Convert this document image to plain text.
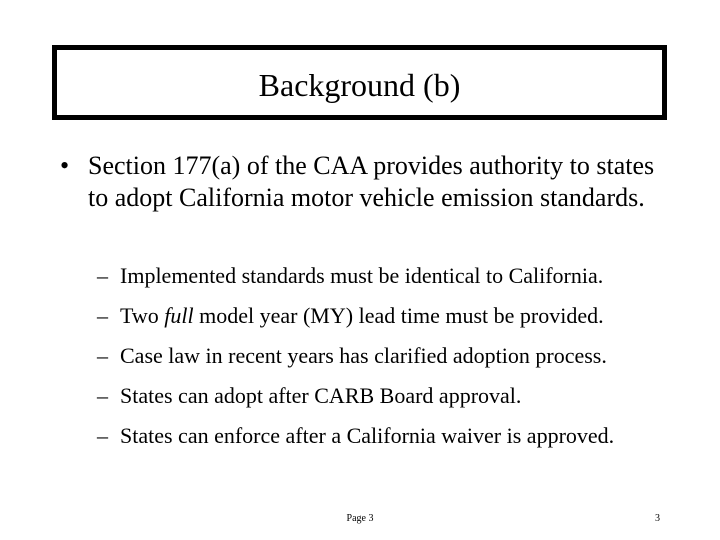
Background (b)
• Section 177(a) of the CAA provides authority to states to adopt California motor vehicle emission standards.
– Implemented standards must be identical to California.
– Two full model year (MY) lead time must be provided.
– Case law in recent years has clarified adoption process.
– States can adopt after CARB Board approval.
– States can enforce after a California waiver is approved.
Page 3	3
